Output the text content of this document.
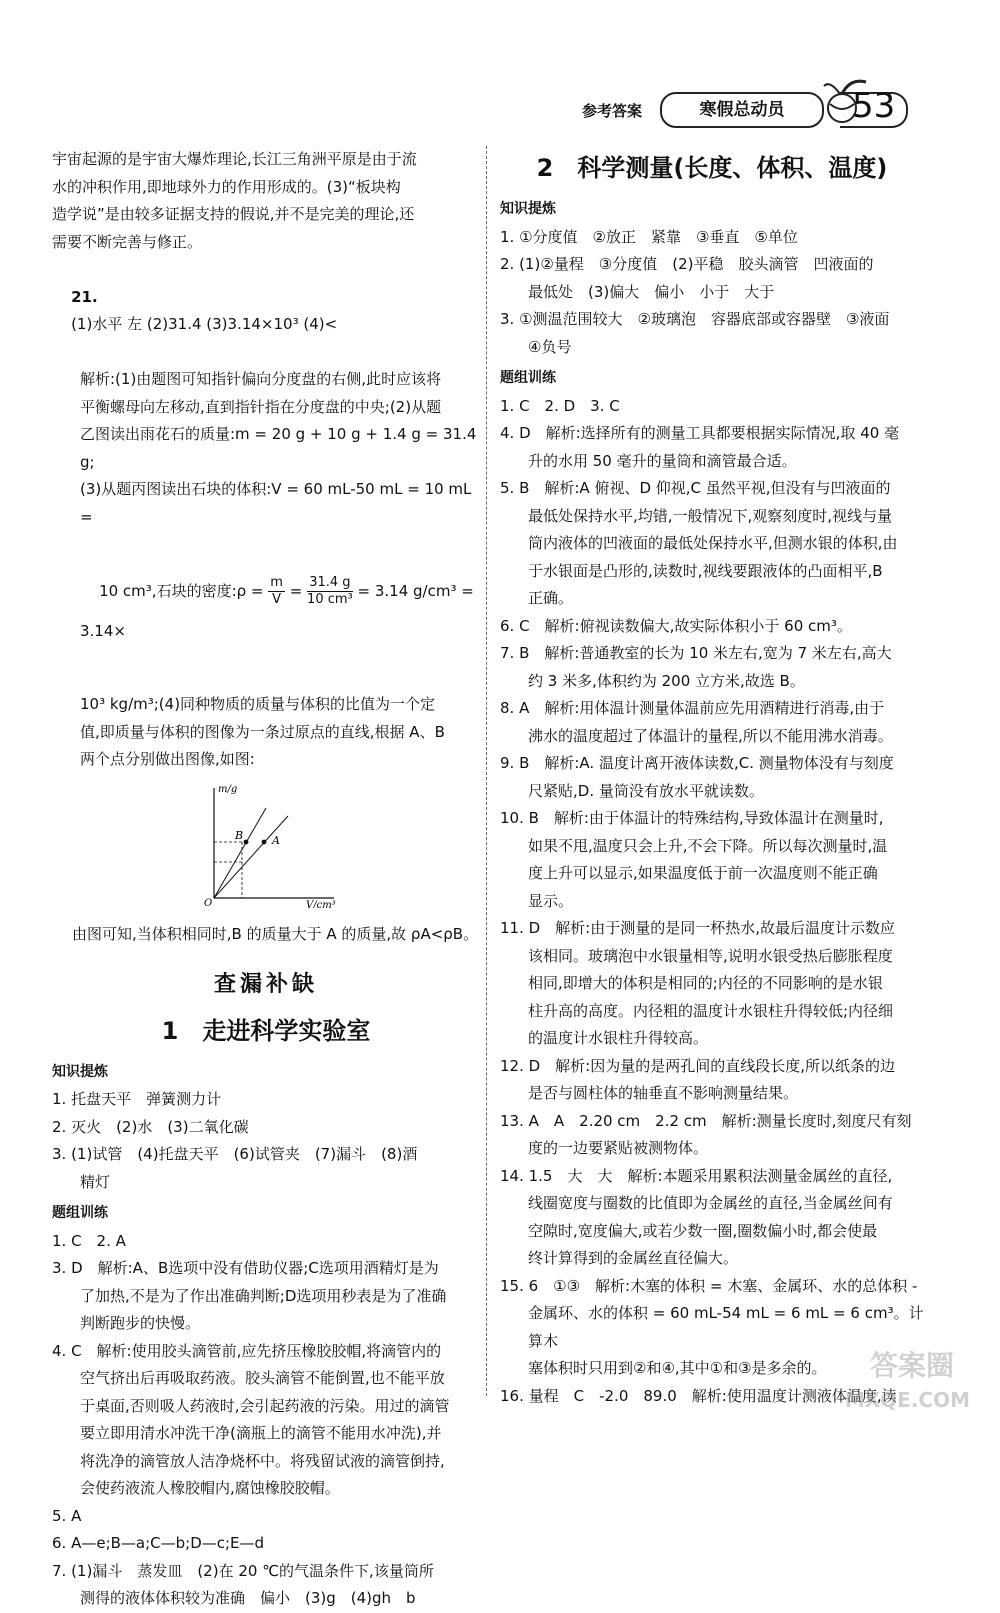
参考答案	寒假总动员	53
宇宙起源的是宇宙大爆炸理论,长江三角洲平原是由于流
水的冲积作用,即地球外力的作用形成的。(3)“板块构
造学说”是由较多证据支持的假说,并不是完美的理论,还
需要不断完善与修正。

21.
(1)水平 左 (2)31.4 (3)3.14×10³ (4)<

解析:(1)由题图可知指针偏向分度盘的右侧,此时应该将
平衡螺母向左移动,直到指针指在分度盘的中央;(2)从题
乙图读出雨花石的质量:m = 20 g + 10 g + 1.4 g = 31.4 g;
(3)从题丙图读出石块的体积:V = 60 mL-50 mL = 10 mL =

10 cm³,石块的密度:ρ = $\frac{m}{V} = \frac{31.4 g}{\text{10 cm³}} = 3.14$ g/cm³ = 3.14×

10³ kg/m³;(4)同种物质的质量与体积的比值为一个定
值,即质量与体积的图像为一条过原点的直线,根据 A、B
两个点分别做出图像,如图:
m/g
V/cm³
O
A
B
由图可知,当体积相同时,B 的质量大于 A 的质量,故 ρA<ρB。
查漏补缺
1　走进科学实验室
知识提炼
1. 托盘天平　弹簧测力计
2. 灭火　(2)水　(3)二氧化碳
3. (1)试管　(4)托盘天平　(6)试管夹　(7)漏斗　(8)酒
精灯
题组训练
1. C　2. A
3. D　解析:A、B选项中没有借助仪器;C选项用酒精灯是为
了加热,不是为了作出准确判断;D选项用秒表是为了准确
判断跑步的快慢。
4. C　解析:使用胶头滴管前,应先挤压橡胶胶帽,将滴管内的
空气挤出后再吸取药液。胶头滴管不能倒置,也不能平放
于桌面,否则吸人药液时,会引起药液的污染。用过的滴管
要立即用清水冲洗干净(滴瓶上的滴管不能用水冲洗),并
将洗净的滴管放人洁净烧杯中。将残留试液的滴管倒持,
会使药液流人橡胶帽内,腐蚀橡胶胶帽。
5. A
6. A—e;B—a;C—b;D—c;E—d
7. (1)漏斗　蒸发皿　(2)在 20 ℃的气温条件下,该量筒所
测得的液体体积较为准确　偏小　(3)g　(4)gh　b
2　科学测量(长度、体积、温度)
知识提炼
1. ①分度值　②放正　紧靠　③垂直　⑤单位
2. (1)②量程　③分度值　(2)平稳　胶头滴管　凹液面的
最低处　(3)偏大　偏小　小于　大于
3. ①测温范围较大　②玻璃泡　容器底部或容器壁　③液面
④负号
题组训练
1. C　2. D　3. C
4. D　解析:选择所有的测量工具都要根据实际情况,取 40 毫
升的水用 50 毫升的量筒和滴管最合适。
5. B　解析:A 俯视、D 仰视,C 虽然平视,但没有与凹液面的
最低处保持水平,均错,一般情况下,观察刻度时,视线与量
筒内液体的凹液面的最低处保持水平,但测水银的体积,由
于水银面是凸形的,读数时,视线要跟液体的凸面相平,B
正确。
6. C　解析:俯视读数偏大,故实际体积小于 60 cm³。
7. B　解析:普通教室的长为 10 米左右,宽为 7 米左右,高大
约 3 米多,体积约为 200 立方米,故选 B。
8. A　解析:用体温计测量体温前应先用酒精进行消毒,由于
沸水的温度超过了体温计的量程,所以不能用沸水消毒。
9. B　解析:A. 温度计离开液体读数,C. 测量物体没有与刻度
尺紧贴,D. 量筒没有放水平就读数。
10. B　解析:由于体温计的特殊结构,导致体温计在测量时,
如果不甩,温度只会上升,不会下降。所以每次测量时,温
度上升可以显示,如果温度低于前一次温度则不能正确
显示。
11. D　解析:由于测量的是同一杯热水,故最后温度计示数应
该相同。玻璃泡中水银量相等,说明水银受热后膨胀程度
相同,即增大的体积是相同的;内径的不同影响的是水银
柱升高的高度。内径粗的温度计水银柱升得较低;内径细
的温度计水银柱升得较高。
12. D　解析:因为量的是两孔间的直线段长度,所以纸条的边
是否与圆柱体的轴垂直不影响测量结果。
13. A　A　2.20 cm　2.2 cm　解析:测量长度时,刻度尺有刻
度的一边要紧贴被测物体。
14. 1.5　大　大　解析:本题采用累积法测量金属丝的直径,
线圈宽度与圈数的比值即为金属丝的直径,当金属丝间有
空隙时,宽度偏大,或若少数一圈,圈数偏小时,都会使最
终计算得到的金属丝直径偏大。
15. 6　①③　解析:木塞的体积 = 木塞、金属环、水的总体积 -
金属环、水的体积 = 60 mL-54 mL = 6 mL = 6 cm³。计算木
塞体积时只用到②和④,其中①和③是多余的。
16. 量程　C　-2.0　89.0　解析:使用温度计测液体温度,读
答案圈
MXQE.COM
